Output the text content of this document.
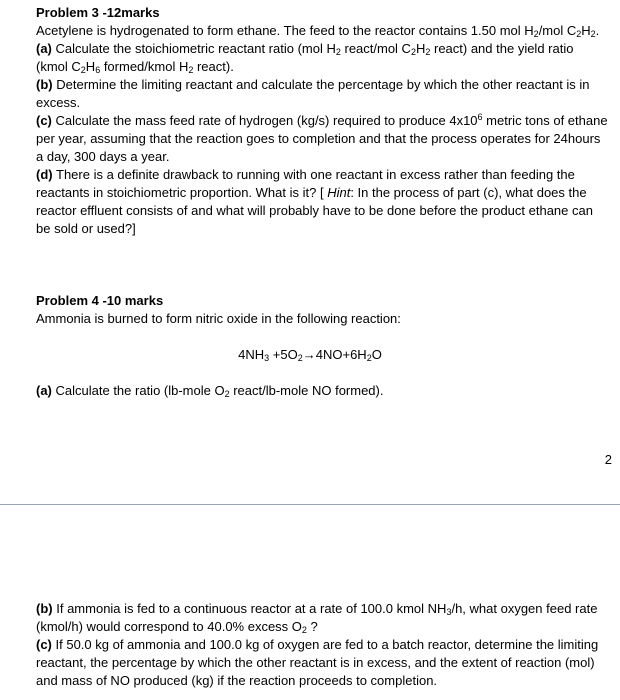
Problem 3 -12marks

Acetylene is hydrogenated to form ethane. The feed to the reactor contains 1.50 mol $H_2$/mol $C_2H_2$.

(a) Calculate the stoichiometric reactant ratio (mol $H_2$ react/mol $C_2H_2$ react) and the yield ratio (kmol $C_2H_6$ formed/kmol $H_2$ react).

(b) Determine the limiting reactant and calculate the percentage by which the other reactant is in excess.

(c) Calculate the mass feed rate of hydrogen (kg/s) required to produce $4x10^6$ metric tons of ethane per year, assuming that the reaction goes to completion and that the process operates for 24hours a day, 300 days a year.

(d) There is a definite drawback to running with one reactant in excess rather than feeding the reactants in stoichiometric proportion. What is it? [ Hint: In the process of part (c), what does the reactor effluent consists of and what will probably have to be done before the product ethane can be sold or used?]

Problem 4 -10 marks

Ammonia is burned to form nitric oxide in the following reaction:

$4NH_3 +5O_2\to 4NO+6H_2O$

(a) Calculate the ratio (lb-mole $O_2$ react/lb-mole NO formed).

2

(b) If ammonia is fed to a continuous reactor at a rate of 100.0 kmol $NH_3/h$, what oxygen feed rate (kmol/h) would correspond to 40.0% excess $O_2$ ?

(c) If 50.0 kg of ammonia and 100.0 kg of oxygen are fed to a batch reactor, determine the limiting reactant, the percentage by which the other reactant is in excess, and the extent of reaction (mol) and mass of NO produced (kg) if the reaction proceeds to completion.
